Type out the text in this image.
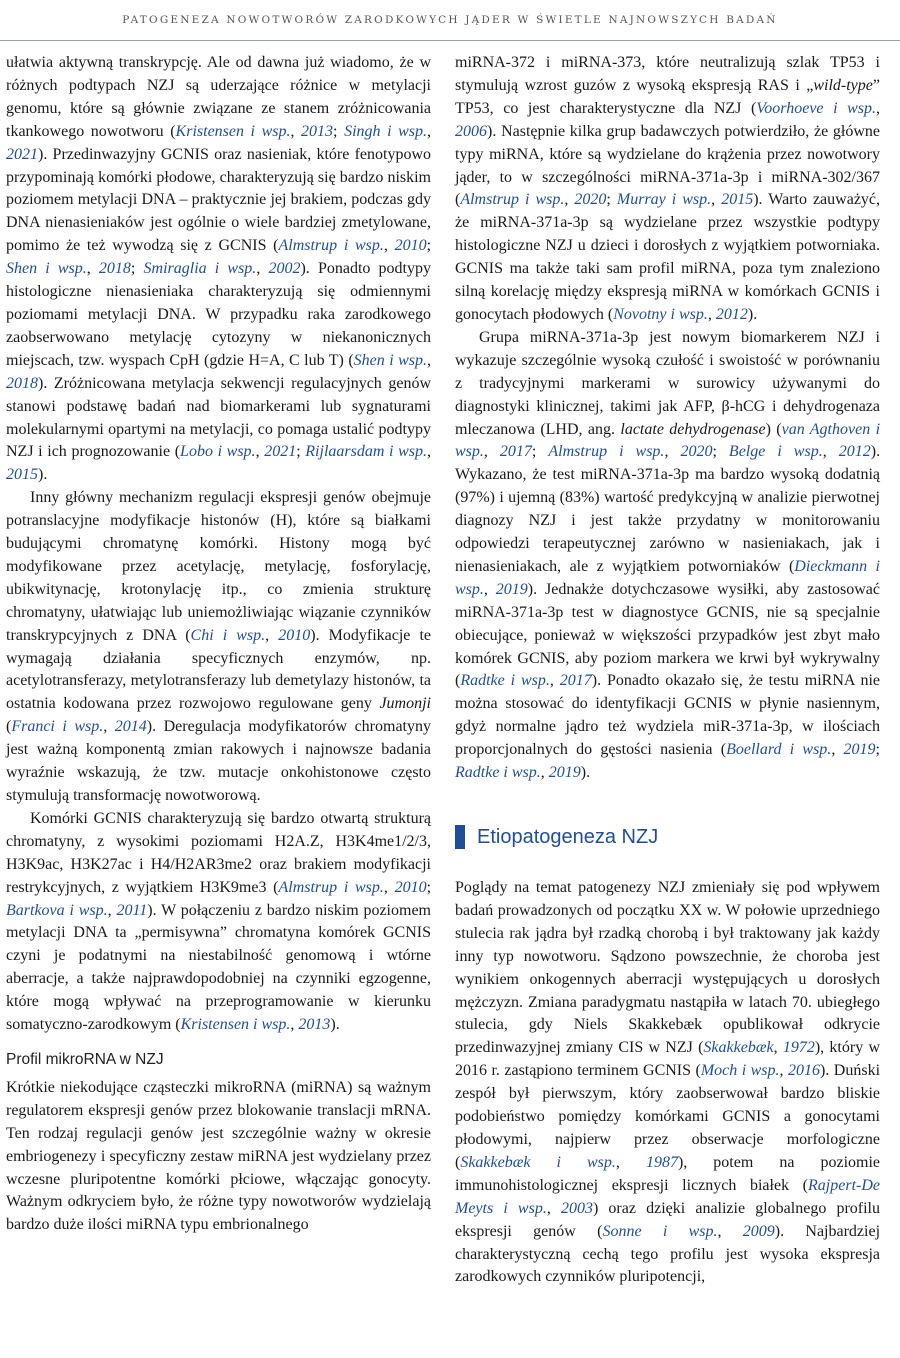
PATOGENEZA NOWOTWORÓW ZARODKOWYCH JĄDER W ŚWIETLE NAJNOWSZYCH BADAŃ

ułatwia aktywną transkrypcję. Ale od dawna już wiadomo, że w różnych podtypach NZJ są uderzające różnice w metylacji genomu, które są głównie związane ze stanem zróżnicowania tkankowego nowotworu (Kristensen i wsp., 2013; Singh i wsp., 2021). Przedinwazyjny GCNIS oraz nasieniak, które fenotypowo przypominają komórki płodowe, charakteryzują się bardzo niskim poziomem metylacji DNA – praktycznie jej brakiem, podczas gdy DNA nienasieniaków jest ogólnie o wiele bardziej zmetylowane, pomimo że też wywodzą się z GCNIS (Almstrup i wsp., 2010; Shen i wsp., 2018; Smiraglia i wsp., 2002). Ponadto podtypy histologiczne nienasieniaka charakteryzują się odmiennymi poziomami metylacji DNA. W przypadku raka zarodkowego zaobserwowano metylację cytozyny w niekanonicznych miejscach, tzw. wyspach CpH (gdzie H=A, C lub T) (Shen i wsp., 2018). Zróżnicowana metylacja sekwencji regulacyjnych genów stanowi podstawę badań nad biomarkerami lub sygnaturami molekularnymi opartymi na metylacji, co pomaga ustalić podtypy NZJ i ich prognozowanie (Lobo i wsp., 2021; Rijlaarsdam i wsp., 2015).

Inny główny mechanizm regulacji ekspresji genów obejmuje potranslacyjne modyfikacje histonów (H), które są białkami budującymi chromatynę komórki. Histony mogą być modyfikowane przez acetylację, metylację, fosforylację, ubikwitynację, krotonylację itp., co zmienia strukturę chromatyny, ułatwiając lub uniemożliwiając wiązanie czynników transkrypcyjnych z DNA (Chi i wsp., 2010). Modyfikacje te wymagają działania specyficznych enzymów, np. acetylotransferazy, metylotransferazy lub demetylazy histonów, ta ostatnia kodowana przez rozwojowo regulowane geny Jumonji (Franci i wsp., 2014). Deregulacja modyfikatorów chromatyny jest ważną komponentą zmian rakowych i najnowsze badania wyraźnie wskazują, że tzw. mutacje onkohistonowe często stymulują transformację nowotworową.

Komórki GCNIS charakteryzują się bardzo otwartą strukturą chromatyny, z wysokimi poziomami H2A.Z, H3K4me1/2/3, H3K9ac, H3K27ac i H4/H2AR3me2 oraz brakiem modyfikacji restrykcyjnych, z wyjątkiem H3K9me3 (Almstrup i wsp., 2010; Bartkova i wsp., 2011). W połączeniu z bardzo niskim poziomem metylacji DNA ta „permisywna” chromatyna komórek GCNIS czyni je podatnymi na niestabilność genomową i wtórne aberracje, a także najprawdopodobniej na czynniki egzogenne, które mogą wpływać na przeprogramowanie w kierunku somatyczno-zarodkowym (Kristensen i wsp., 2013).

Profil mikroRNA w NZJ

Krótkie niekodujące cząsteczki mikroRNA (miRNA) są ważnym regulatorem ekspresji genów przez blokowanie translacji mRNA. Ten rodzaj regulacji genów jest szczególnie ważny w okresie embriogenezy i specyficzny zestaw miRNA jest wydzielany przez wczesne pluripotentne komórki płciowe, włączając gonocyty. Ważnym odkryciem było, że różne typy nowotworów wydzielają bardzo duże ilości miRNA typu embrionalnego

miRNA-372 i miRNA-373, które neutralizują szlak TP53 i stymulują wzrost guzów z wysoką ekspresją RAS i „wild-type” TP53, co jest charakterystyczne dla NZJ (Voorhoeve i wsp., 2006). Następnie kilka grup badawczych potwierdziło, że główne typy miRNA, które są wydzielane do krążenia przez nowotwory jąder, to w szczególności miRNA-371a-3p i miRNA-302/367 (Almstrup i wsp., 2020; Murray i wsp., 2015). Warto zauważyć, że miRNA-371a-3p są wydzielane przez wszystkie podtypy histologiczne NZJ u dzieci i dorosłych z wyjątkiem potworniaka. GCNIS ma także taki sam profil miRNA, poza tym znaleziono silną korelację między ekspresją miRNA w komórkach GCNIS i gonocytach płodowych (Novotny i wsp., 2012).

Grupa miRNA-371a-3p jest nowym biomarkerem NZJ i wykazuje szczególnie wysoką czułość i swoistość w porównaniu z tradycyjnymi markerami w surowicy używanymi do diagnostyki klinicznej, takimi jak AFP, β-hCG i dehydrogenaza mleczanowa (LHD, ang. lactate dehydrogenase) (van Agthoven i wsp., 2017; Almstrup i wsp., 2020; Belge i wsp., 2012). Wykazano, że test miRNA-371a-3p ma bardzo wysoką dodatnią (97%) i ujemną (83%) wartość predykcyjną w analizie pierwotnej diagnozy NZJ i jest także przydatny w monitorowaniu odpowiedzi terapeutycznej zarówno w nasieniakach, jak i nienasieniakach, ale z wyjątkiem potworniaków (Dieckmann i wsp., 2019). Jednakże dotychczasowe wysiłki, aby zastosować miRNA-371a-3p test w diagnostyce GCNIS, nie są specjalnie obiecujące, ponieważ w większości przypadków jest zbyt mało komórek GCNIS, aby poziom markera we krwi był wykrywalny (Radtke i wsp., 2017). Ponadto okazało się, że testu miRNA nie można stosować do identyfikacji GCNIS w płynie nasiennym, gdyż normalne jądro też wydziela miR-371a-3p, w ilościach proporcjonalnych do gęstości nasienia (Boellard i wsp., 2019; Radtke i wsp., 2019).

Etiopatogeneza NZJ

Poglądy na temat patogenezy NZJ zmieniały się pod wpływem badań prowadzonych od początku XX w. W połowie uprzedniego stulecia rak jądra był rzadką chorobą i był traktowany jak każdy inny typ nowotworu. Sądzono powszechnie, że choroba jest wynikiem onkogennych aberracji występujących u dorosłych mężczyzn. Zmiana paradygmatu nastąpiła w latach 70. ubiegłego stulecia, gdy Niels Skakkebæk opublikował odkrycie przedinwazyjnej zmiany CIS w NZJ (Skakkebæk, 1972), który w 2016 r. zastąpiono terminem GCNIS (Moch i wsp., 2016). Duński zespół był pierwszym, który zaobserwował bardzo bliskie podobieństwo pomiędzy komórkami GCNIS a gonocytami płodowymi, najpierw przez obserwacje morfologiczne (Skakkebæk i wsp., 1987), potem na poziomie immunohistologicznej ekspresji licznych białek (Rajpert-De Meyts i wsp., 2003) oraz dzięki analizie globalnego profilu ekspresji genów (Sonne i wsp., 2009). Najbardziej charakterystyczną cechą tego profilu jest wysoka ekspresja zarodkowych czynników pluripotencji,
